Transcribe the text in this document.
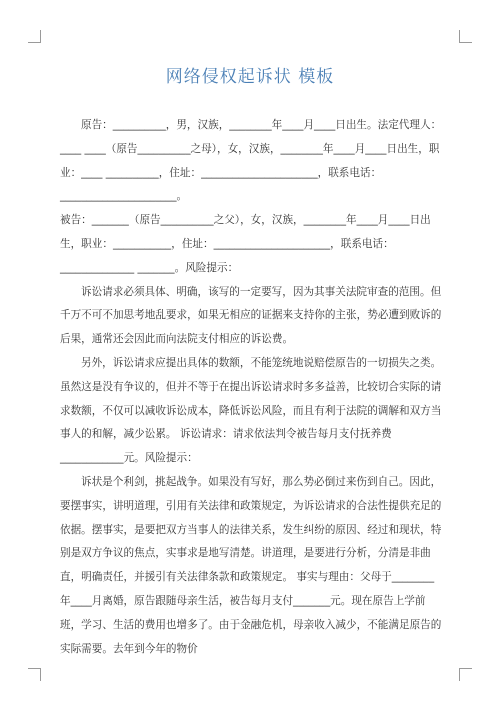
网络侵权起诉状 模板

原告：__________，男，汉族，________年____月____日出生。法定代理人：____ ____（原告__________之母），女，汉族，________年____月____日出生，职业：____ __________，住址：______________________，联系电话：______________________。

被告：_______（原告__________之父），女，汉族，________年____月____日出生，职业：___________，住址：______________________，联系电话：______________ _______。风险提示：

诉讼请求必须具体、明确，该写的一定要写，因为其事关法院审查的范围。但千万不可不加思考地乱要求，如果无相应的证据来支持你的主张，势必遭到败诉的后果，通常还会因此而向法院支付相应的诉讼费。

另外，诉讼请求应提出具体的数额，不能笼统地说赔偿原告的一切损失之类。虽然这是没有争议的，但并不等于在提出诉讼请求时多多益善，比较切合实际的请求数额，不仅可以减收诉讼成本，降低诉讼风险，而且有利于法院的调解和双方当事人的和解，减少讼累。 诉讼请求：请求依法判令被告每月支付抚养费____________元。风险提示：

诉状是个利剑，挑起战争。如果没有写好，那么势必倒过来伤到自己。因此，要摆事实，讲明道理，引用有关法律和政策规定，为诉讼请求的合法性提供充足的依据。摆事实，是要把双方当事人的法律关系，发生纠纷的原因、经过和现状，特别是双方争议的焦点，实事求是地写清楚。讲道理，是要进行分析，分清是非曲直，明确责任，并援引有关法律条款和政策规定。 事实与理由：父母于________年____月离婚，原告跟随母亲生活，被告每月支付_______元。现在原告上学前班，学习、生活的费用也增多了。由于金融危机，母亲收入减少，不能满足原告的实际需要。去年到今年的物价
